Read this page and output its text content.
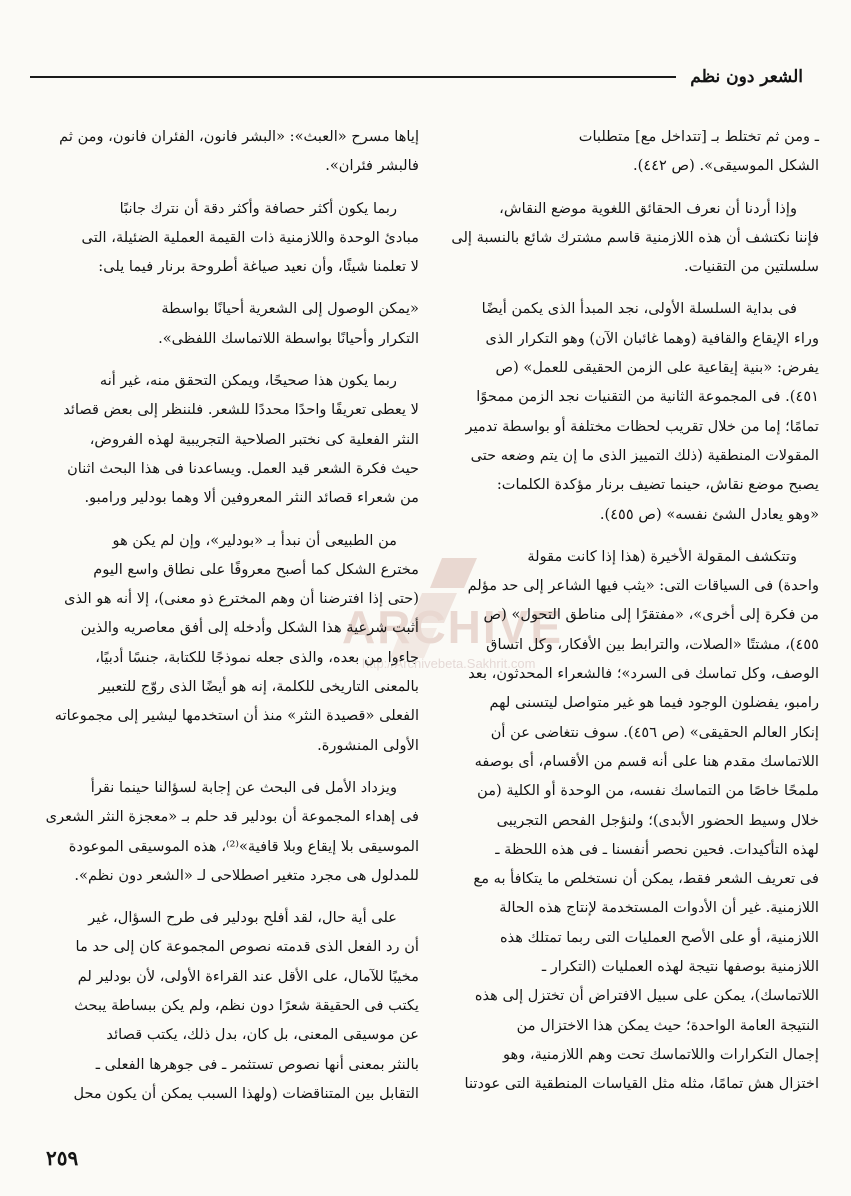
الشعر دون نظم
ARCHIVE
http://Archivebeta.Sakhrit.com

ـ ومن ثم تختلط بـ [تتداخل مع] متطلبات
الشكل الموسيقى». (ص ٤٤٢).

وإذا أردنا أن نعرف الحقائق اللغوية موضع النقاش،
فإننا نكتشف أن هذه اللازمنية قاسم مشترك شائع بالنسبة إلى
سلسلتين من التقنيات.

فى بداية السلسلة الأولى، نجد المبدأ الذى يكمن أيضًا
وراء الإيقاع والقافية (وهما غائبان الآن) وهو التكرار الذى
يفرض: «بنية إيقاعية على الزمن الحقيقى للعمل» (ص
٤٥١). فى المجموعة الثانية من التقنيات نجد الزمن ممحوًا
تمامًا؛ إما من خلال تقريب لحظات مختلفة أو بواسطة تدمير
المقولات المنطقية (ذلك التمييز الذى ما إن يتم وضعه حتى
يصبح موضع نقاش، حينما تضيف برنار مؤكدة الكلمات:
«وهو يعادل الشئ نفسه» (ص ٤٥٥).

وتتكشف المقولة الأخيرة (هذا إذا كانت مقولة
واحدة) فى السياقات التى: «يثب فيها الشاعر إلى حد مؤلم
من فكرة إلى أخرى»، «مفتقرًا إلى مناطق التحول» (ص
٤٥٥)، مشتتًا «الصلات، والترابط بين الأفكار، وكل اتساق
الوصف، وكل تماسك فى السرد»؛ فالشعراء المحدثون، بعد
رامبو، يفضلون الوجود فيما هو غير متواصل ليتسنى لهم
إنكار العالم الحقيقى» (ص ٤٥٦). سوف نتغاضى عن أن
اللاتماسك مقدم هنا على أنه قسم من الأقسام، أى بوصفه
ملمحًا خاصًا من التماسك نفسه، من الوحدة أو الكلية (من
خلال وسيط الحضور الأبدى)؛ ولنؤجل الفحص التجريبى
لهذه التأكيدات. فحين نحصر أنفسنا ـ فى هذه اللحظة ـ
فى تعريف الشعر فقط، يمكن أن نستخلص ما يتكافأ به مع
اللازمنية. غير أن الأدوات المستخدمة لإنتاج هذه الحالة
اللازمنية، أو على الأصح العمليات التى ربما تمتلك هذه
اللازمنية بوصفها نتيجة لهذه العمليات (التكرار ـ
اللاتماسك)، يمكن على سبيل الافتراض أن تختزل إلى هذه
النتيجة العامة الواحدة؛ حيث يمكن هذا الاختزال من
إجمال التكرارات واللاتماسك تحت وهم اللازمنية، وهو
اختزال هش تمامًا، مثله مثل القياسات المنطقية التى عودتنا

إياها مسرح «العبث»: «البشر فانون، الفئران فانون، ومن ثم
فالبشر فئران».

ربما يكون أكثر حصافة وأكثر دقة أن نترك جانبًا
مبادئ الوحدة واللازمنية ذات القيمة العملية الضئيلة، التى
لا تعلمنا شيئًا، وأن نعيد صياغة أطروحة برنار فيما يلى:

«يمكن الوصول إلى الشعرية أحيانًا بواسطة
التكرار وأحيانًا بواسطة اللاتماسك اللفظى».

ربما يكون هذا صحيحًا، ويمكن التحقق منه، غير أنه
لا يعطى تعريفًا واحدًا محددًا للشعر. فلننظر إلى بعض قصائد
النثر الفعلية كى نختبر الصلاحية التجريبية لهذه الفروض،
حيث فكرة الشعر قيد العمل. ويساعدنا فى هذا البحث اثنان
من شعراء قصائد النثر المعروفين ألا وهما بودلير ورامبو.

من الطبيعى أن نبدأ بـ «بودلير»، وإن لم يكن هو
مخترع الشكل كما أصبح معروفًا على نطاق واسع اليوم
(حتى إذا افترضنا أن وهم المخترع ذو معنى)، إلا أنه هو الذى
أثبت شرعية هذا الشكل وأدخله إلى أفق معاصريه والذين
جاءوا من بعده، والذى جعله نموذجًا للكتابة، جنسًا أدبيًا،
بالمعنى التاريخى للكلمة، إنه هو أيضًا الذى روّج للتعبير
الفعلى «قصيدة النثر» منذ أن استخدمها ليشير إلى مجموعاته
الأولى المنشورة.

ويزداد الأمل فى البحث عن إجابة لسؤالنا حينما نقرأ
فى إهداء المجموعة أن بودلير قد حلم بـ «معجزة النثر الشعرى
الموسيقى بلا إيقاع وبلا قافية»⁽²⁾، هذه الموسيقى الموعودة
للمدلول هى مجرد متغير اصطلاحى لـ «الشعر دون نظم».

على أية حال، لقد أفلح بودلير فى طرح السؤال، غير
أن رد الفعل الذى قدمته نصوص المجموعة كان إلى حد ما
مخيبًا للآمال، على الأقل عند القراءة الأولى، لأن بودلير لم
يكتب فى الحقيقة شعرًا دون نظم، ولم يكن ببساطة يبحث
عن موسيقى المعنى، بل كان، بدل ذلك، يكتب قصائد
بالنثر بمعنى أنها نصوص تستثمر ـ فى جوهرها الفعلى ـ
التقابل بين المتناقضات (ولهذا السبب يمكن أن يكون محل

٢٥٩
